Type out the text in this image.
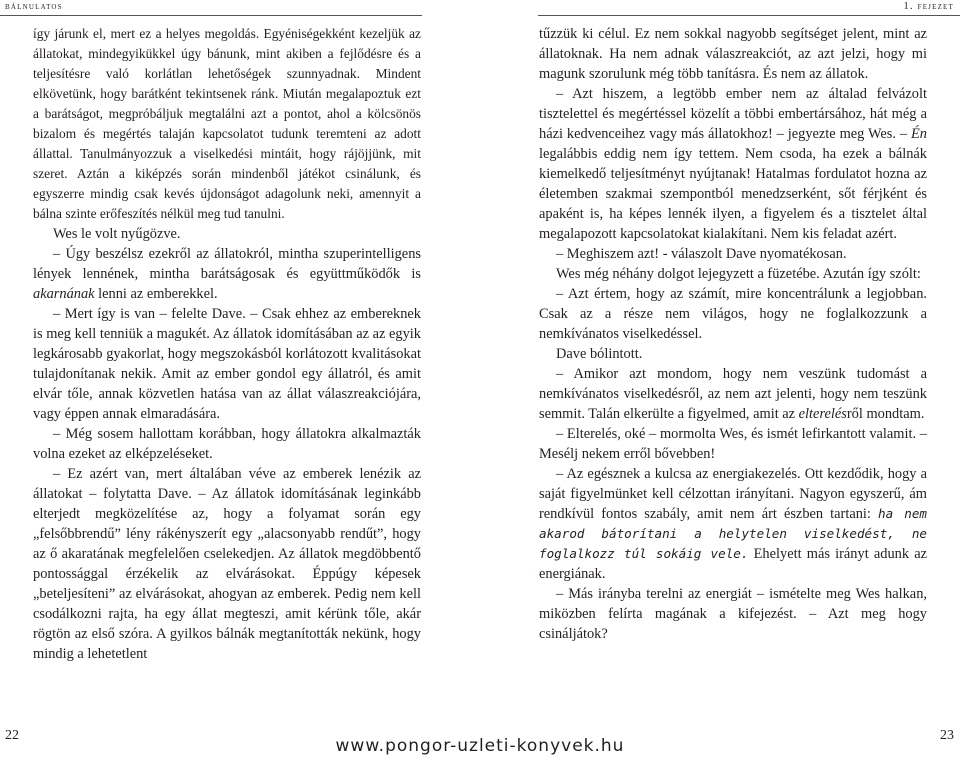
bálnulatos	1. fejezet

így járunk el, mert ez a helyes megoldás. Egyéniségekként kezeljük az állatokat, mindegyikükkel úgy bánunk, mint akiben a fejlődésre és a teljesítésre való korlátlan lehetőségek szunnyadnak. Mindent elkövetünk, hogy barátként tekintsenek ránk. Miután megalapoztuk ezt a barátságot, megpróbáljuk megtalálni azt a pontot, ahol a kölcsönös bizalom és megértés talaján kapcsolatot tudunk teremteni az adott állattal. Tanulmányozzuk a viselkedési mintáit, hogy rájöjjünk, mit szeret. Aztán a kiképzés során mindenből játékot csinálunk, és egyszerre mindig csak kevés újdonságot adagolunk neki, amennyit a bálna szinte erőfeszítés nélkül meg tud tanulni.

Wes le volt nyűgözve.

– Úgy beszélsz ezekről az állatokról, mintha szuperintelligens lények lennének, mintha barátságosak és együttműködők is akarnának lenni az emberekkel.

– Mert így is van – felelte Dave. – Csak ehhez az embereknek is meg kell tenniük a magukét. Az állatok idomításában az az egyik legkárosabb gyakorlat, hogy megszokásból korlátozott kvalitásokat tulajdonítanak nekik. Amit az ember gondol egy állatról, és amit elvár tőle, annak közvetlen hatása van az állat válaszreakciójára, vagy éppen annak elmaradására.

– Még sosem hallottam korábban, hogy állatokra alkalmazták volna ezeket az elképzeléseket.

– Ez azért van, mert általában véve az emberek lenézik az állatokat – folytatta Dave. – Az állatok idomításának leginkább elterjedt megközelítése az, hogy a folyamat során egy „felsőbbrendű” lény rákényszerít egy „alacsonyabb rendűt”, hogy az ő akaratának megfelelően cselekedjen. Az állatok megdöbbentő pontossággal érzékelik az elvárásokat. Éppúgy képesek „beteljesíteni” az elvárásokat, ahogyan az emberek. Pedig nem kell csodálkozni rajta, ha egy állat megteszi, amit kérünk tőle, akár rögtön az első szóra. A gyilkos bálnák megtanították nekünk, hogy mindig a lehetetlent

tűzzük ki célul. Ez nem sokkal nagyobb segítséget jelent, mint az állatoknak. Ha nem adnak válaszreakciót, az azt jelzi, hogy mi magunk szorulunk még több tanításra. És nem az állatok.

– Azt hiszem, a legtöbb ember nem az általad felvázolt tisztelettel és megértéssel közelít a többi embertársához, hát még a házi kedvenceihez vagy más állatokhoz! – jegyezte meg Wes. – Én legalábbis eddig nem így tettem. Nem csoda, ha ezek a bálnák kiemelkedő teljesítményt nyújtanak! Hatalmas fordulatot hozna az életemben szakmai szempontból menedzserként, sőt férjként és apaként is, ha képes lennék ilyen, a figyelem és a tisztelet által megalapozott kapcsolatokat kialakítani. Nem kis feladat azért.

– Meghiszem azt! - válaszolt Dave nyomatékosan.

Wes még néhány dolgot lejegyzett a füzetébe. Azután így szólt:

– Azt értem, hogy az számít, mire koncentrálunk a legjobban. Csak az a része nem világos, hogy ne foglalkozzunk a nemkívánatos viselkedéssel.

Dave bólintott.

– Amikor azt mondom, hogy nem veszünk tudomást a nemkívánatos viselkedésről, az nem azt jelenti, hogy nem teszünk semmit. Talán elkerülte a figyelmed, amit az elterelésről mondtam.

– Elterelés, oké – mormolta Wes, és ismét lefirkantott valamit. – Mesélj nekem erről bővebben!

– Az egésznek a kulcsa az energiakezelés. Ott kezdődik, hogy a saját figyelmünket kell célzottan irányítani. Nagyon egyszerű, ám rendkívül fontos szabály, amit nem árt észben tartani: ha nem akarod bátorítani a helytelen viselkedést, ne foglalkozz túl sokáig vele. Ehelyett más irányt adunk az energiának.

– Más irányba terelni az energiát – ismételte meg Wes halkan, miközben felírta magának a kifejezést. – Azt meg hogy csináljátok?

22	23
www.pongor-uzleti-konyvek.hu
